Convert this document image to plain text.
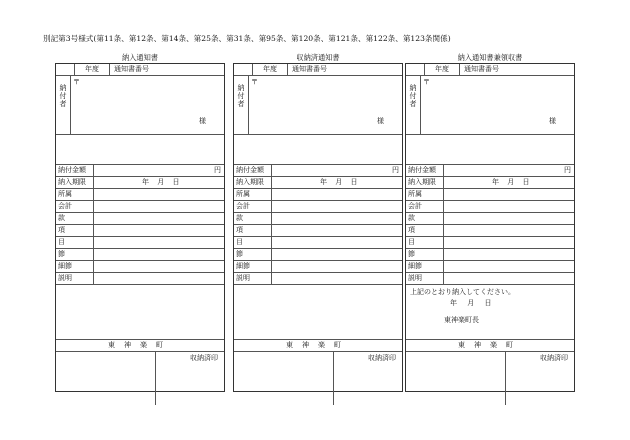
別記第3号様式(第11条、第12条、第14条、第25条、第31条、第95条、第120条、第121条、第122条、第123条関係)
納入通知書
年度	通知書番号
納付者
〒
様
納付金額	円
納入期限	年 月 日
所属
会計
款
項
目
節
細節
説明
東神楽町
収納済印
収納済通知書
年度	通知書番号
納付者
〒
様
納付金額	円
納入期限	年 月 日
所属
会計
款
項
目
節
細節
説明
東神楽町
収納済印
納入通知書兼領収書
年度	通知書番号
納付者
〒
様
納付金額	円
納入期限	年 月 日
所属
会計
款
項
目
節
細節
説明
上記のとおり納入してください。
年 月 日
東神楽町長
東神楽町
収納済印
